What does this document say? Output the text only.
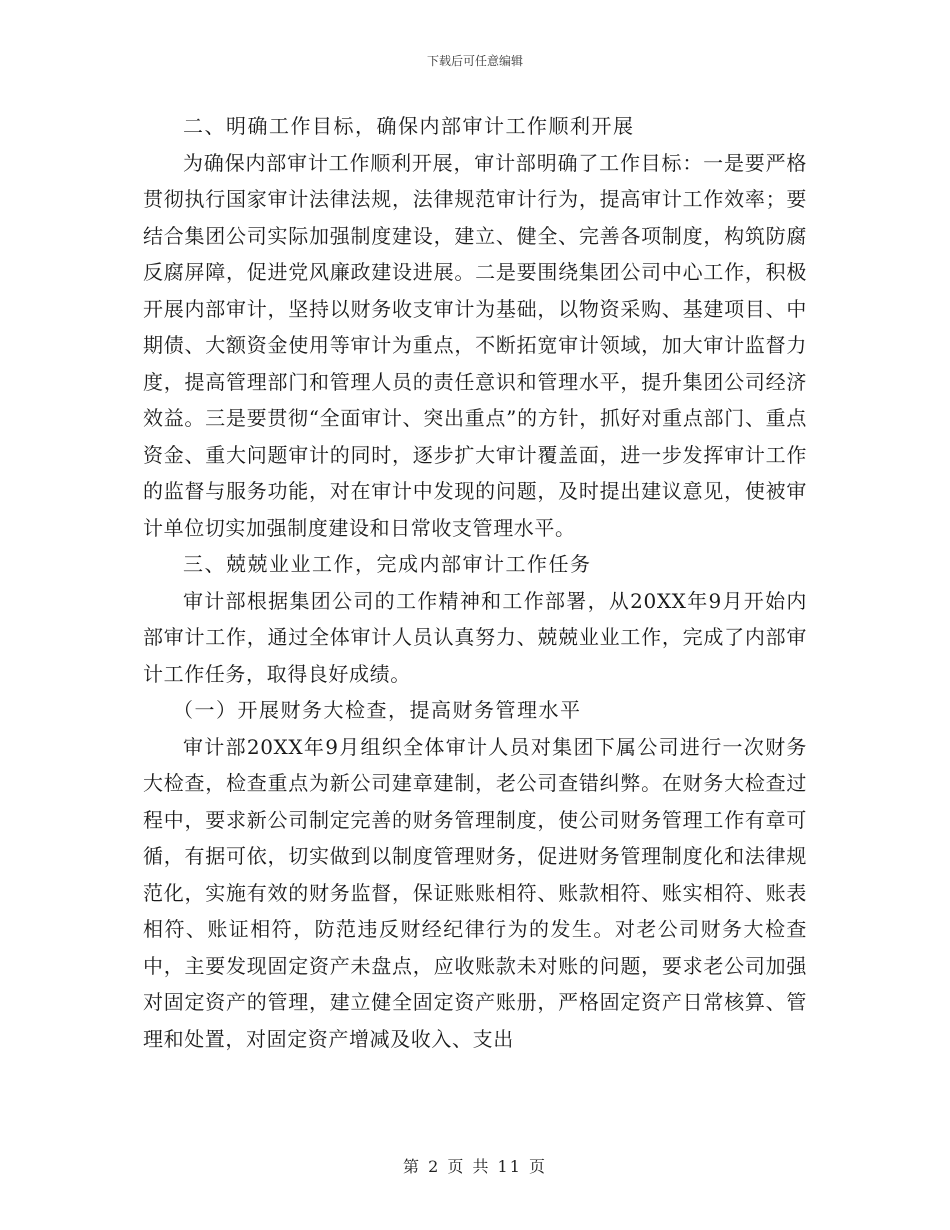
下载后可任意编辑

二、明确工作目标，确保内部审计工作顺利开展

为确保内部审计工作顺利开展，审计部明确了工作目标：一是要严格贯彻执行国家审计法律法规，法律规范审计行为，提高审计工作效率；要结合集团公司实际加强制度建设，建立、健全、完善各项制度，构筑防腐反腐屏障，促进党风廉政建设进展。二是要围绕集团公司中心工作，积极开展内部审计，坚持以财务收支审计为基础，以物资采购、基建项目、中期债、大额资金使用等审计为重点，不断拓宽审计领域，加大审计监督力度，提高管理部门和管理人员的责任意识和管理水平，提升集团公司经济效益。三是要贯彻“全面审计、突出重点”的方针，抓好对重点部门、重点资金、重大问题审计的同时，逐步扩大审计覆盖面，进一步发挥审计工作的监督与服务功能，对在审计中发现的问题，及时提出建议意见，使被审计单位切实加强制度建设和日常收支管理水平。

三、兢兢业业工作，完成内部审计工作任务

审计部根据集团公司的工作精神和工作部署，从20XX年9月开始内部审计工作，通过全体审计人员认真努力、兢兢业业工作，完成了内部审计工作任务，取得良好成绩。

（一）开展财务大检查，提高财务管理水平

审计部20XX年9月组织全体审计人员对集团下属公司进行一次财务大检查，检查重点为新公司建章建制，老公司查错纠弊。在财务大检查过程中，要求新公司制定完善的财务管理制度，使公司财务管理工作有章可循，有据可依，切实做到以制度管理财务，促进财务管理制度化和法律规范化，实施有效的财务监督，保证账账相符、账款相符、账实相符、账表相符、账证相符，防范违反财经纪律行为的发生。对老公司财务大检查中，主要发现固定资产未盘点，应收账款未对账的问题，要求老公司加强对固定资产的管理，建立健全固定资产账册，严格固定资产日常核算、管理和处置，对固定资产增减及收入、支出

第 2 页 共 11 页
